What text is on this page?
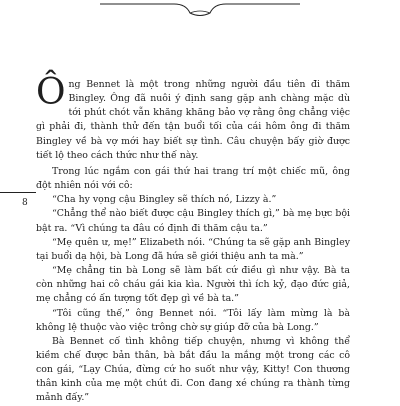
8

Ông Bennet là một trong những người đầu tiên đi thăm Bingley. Ông đã nuôi ý định sang gặp anh chàng mặc dù tới phút chót vẫn khăng khăng bảo vợ rằng ông chẳng việc gì phải đi, thành thử đến tận buổi tối của cái hôm ông đi thăm Bingley về bà vợ mới hay biết sự tình. Câu chuyện bấy giờ được tiết lộ theo cách thức như thế này.

Trong lúc ngắm con gái thứ hai trang trí một chiếc mũ, ông đột nhiên nói với cô:

“Cha hy vọng cậu Bingley sẽ thích nó, Lizzy à.”

“Chẳng thể nào biết được cậu Bingley thích gì,” bà mẹ bực bội bật ra. “Vì chúng ta đâu có định đi thăm cậu ta.”

“Mẹ quên ư, mẹ!” Elizabeth nói. “Chúng ta sẽ gặp anh Bingley tại buổi dạ hội, bà Long đã hứa sẽ giới thiệu anh ta mà.”

“Mẹ chẳng tin bà Long sẽ làm bất cứ điều gì như vậy. Bà ta còn những hai cô cháu gái kia kìa. Người thì ích kỷ, đạo đức giả, mẹ chẳng có ấn tượng tốt đẹp gì về bà ta.”

“Tôi cũng thế,” ông Bennet nói. “Tôi lấy làm mừng là bà không lệ thuộc vào việc trông chờ sự giúp đỡ của bà Long.”

Bà Bennet cố tình không tiếp chuyện, nhưng vì không thể kiềm chế được bản thân, bà bắt đầu la mắng một trong các cô con gái, “Lạy Chúa, đừng cứ ho suốt như vậy, Kitty! Con thương thân kinh của mẹ một chút đi. Con đang xé chúng ra thành từng mảnh đấy.”
